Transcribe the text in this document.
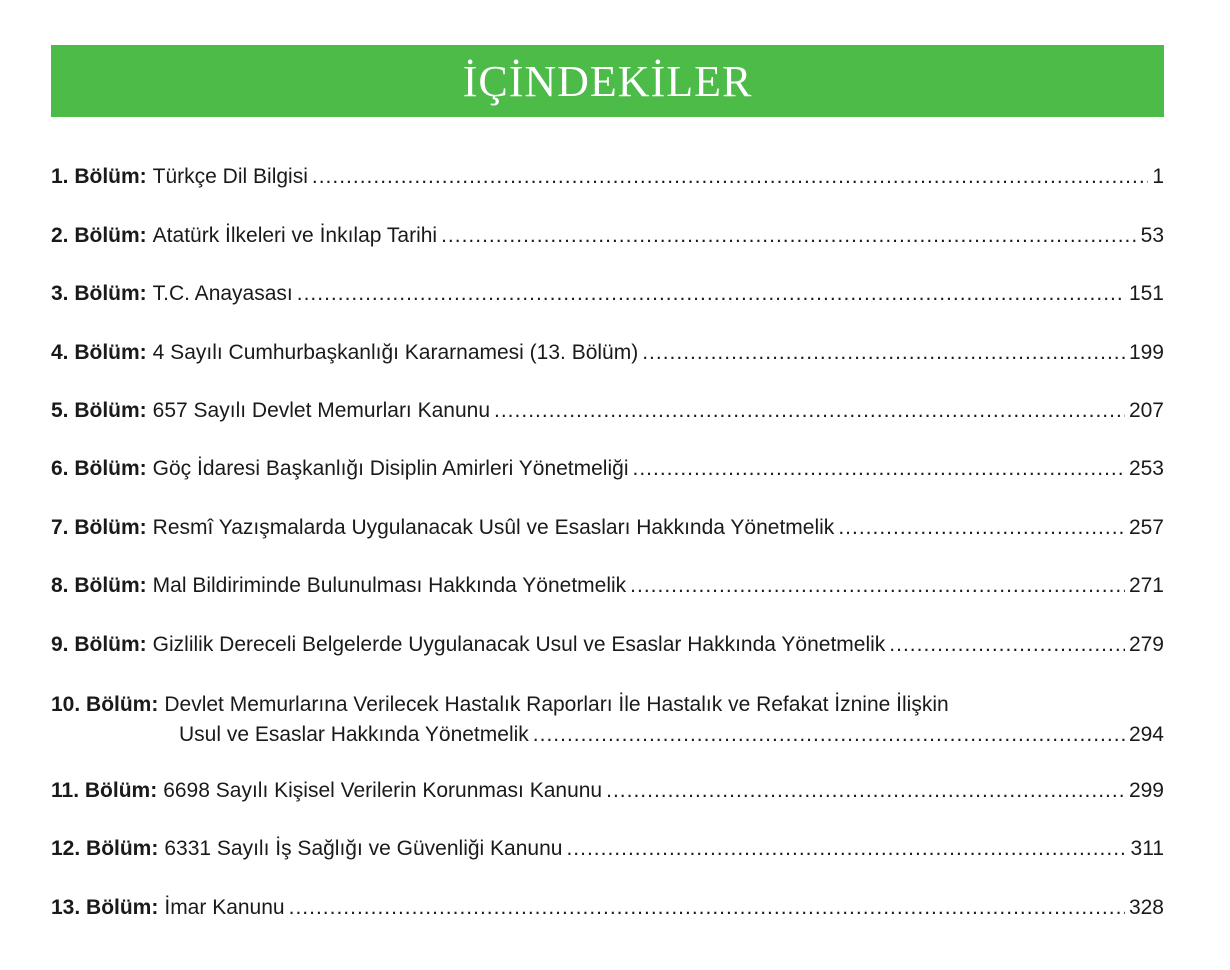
İÇİNDEKİLER
1. Bölüm: Türkçe Dil Bilgisi .....	1
2. Bölüm: Atatürk İlkeleri ve İnkılap Tarihi .....	53
3. Bölüm: T.C. Anayasası .....	151
4. Bölüm: 4 Sayılı Cumhurbaşkanlığı Kararnamesi (13. Bölüm) .....	199
5. Bölüm: 657 Sayılı Devlet Memurları Kanunu .....	207
6. Bölüm: Göç İdaresi Başkanlığı Disiplin Amirleri Yönetmeliği .....	253
7. Bölüm: Resmî Yazışmalarda Uygulanacak Usûl ve Esasları Hakkında Yönetmelik .....	257
8. Bölüm: Mal Bildiriminde Bulunulması Hakkında Yönetmelik .....	271
9. Bölüm: Gizlilik Dereceli Belgelerde Uygulanacak Usul ve Esaslar Hakkında Yönetmelik .....	279
10. Bölüm: Devlet Memurlarına Verilecek Hastalık Raporları İle Hastalık ve Refakat İznine İlişkin
Usul ve Esaslar Hakkında Yönetmelik .....	294
11. Bölüm: 6698 Sayılı Kişisel Verilerin Korunması Kanunu .....	299
12. Bölüm: 6331 Sayılı İş Sağlığı ve Güvenliği Kanunu .....	311
13. Bölüm: İmar Kanunu .....	328
